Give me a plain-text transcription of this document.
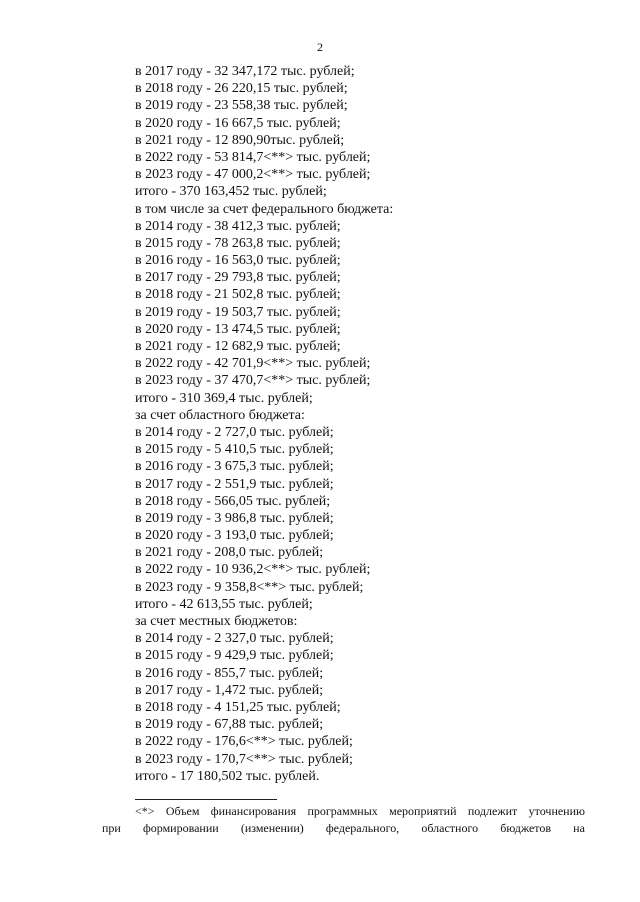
2
в 2017 году - 32 347,172 тыс. рублей;
в 2018 году - 26 220,15 тыс. рублей;
в 2019 году - 23 558,38 тыс. рублей;
в 2020 году - 16 667,5 тыс. рублей;
в 2021 году - 12 890,90тыс. рублей;
в 2022 году - 53 814,7<**> тыс. рублей;
в 2023 году - 47 000,2<**> тыс. рублей;
итого - 370 163,452 тыс. рублей;
в том числе за счет федерального бюджета:
в 2014 году - 38 412,3 тыс. рублей;
в 2015 году - 78 263,8 тыс. рублей;
в 2016 году - 16 563,0 тыс. рублей;
в 2017 году - 29 793,8 тыс. рублей;
в 2018 году - 21 502,8 тыс. рублей;
в 2019 году - 19 503,7 тыс. рублей;
в 2020 году - 13 474,5 тыс. рублей;
в 2021 году - 12 682,9 тыс. рублей;
в 2022 году - 42 701,9<**> тыс. рублей;
в 2023 году - 37 470,7<**> тыс. рублей;
итого - 310 369,4 тыс. рублей;
за счет областного бюджета:
в 2014 году - 2 727,0 тыс. рублей;
в 2015 году - 5 410,5 тыс. рублей;
в 2016 году - 3 675,3 тыс. рублей;
в 2017 году - 2 551,9 тыс. рублей;
в 2018 году - 566,05 тыс. рублей;
в 2019 году - 3 986,8 тыс. рублей;
в 2020 году - 3 193,0 тыс. рублей;
в 2021 году - 208,0 тыс. рублей;
в 2022 году - 10 936,2<**> тыс. рублей;
в 2023 году - 9 358,8<**> тыс. рублей;
итого - 42 613,55 тыс. рублей;
за счет местных бюджетов:
в 2014 году - 2 327,0 тыс. рублей;
в 2015 году - 9 429,9 тыс. рублей;
в 2016 году - 855,7 тыс. рублей;
в 2017 году - 1,472 тыс. рублей;
в 2018 году - 4 151,25 тыс. рублей;
в 2019 году - 67,88 тыс. рублей;
в 2022 году - 176,6<**> тыс. рублей;
в 2023 году - 170,7<**> тыс. рублей;
итого - 17 180,502 тыс. рублей.
<*> Объем финансирования программных мероприятий подлежит уточнению
при формировании (изменении) федерального, областного бюджетов на
